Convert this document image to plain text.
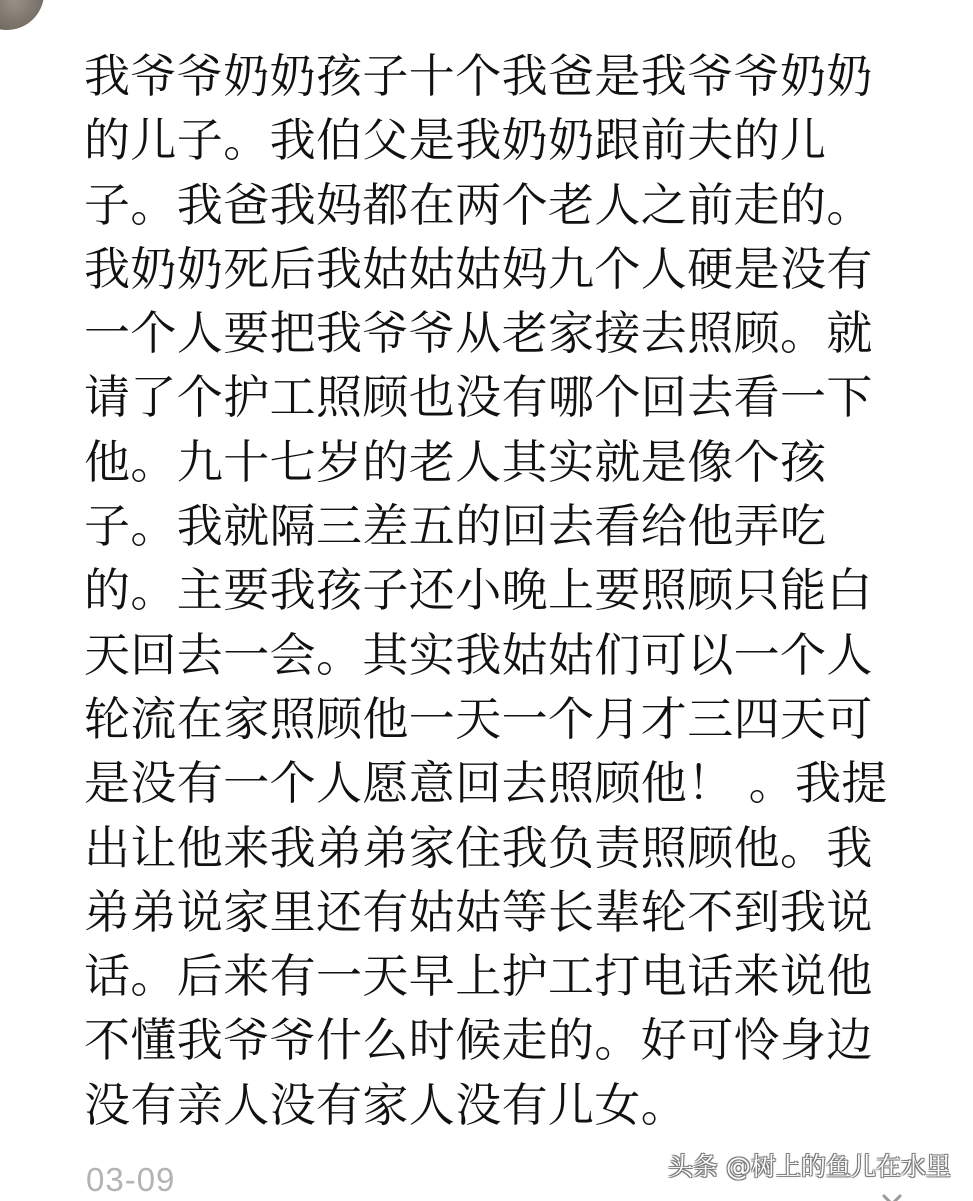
我爷爷奶奶孩子十个我爸是我爷爷奶奶
的儿子。我伯父是我奶奶跟前夫的儿
子。我爸我妈都在两个老人之前走的。
我奶奶死后我姑姑姑妈九个人硬是没有
一个人要把我爷爷从老家接去照顾。就
请了个护工照顾也没有哪个回去看一下
他。九十七岁的老人其实就是像个孩
子。我就隔三差五的回去看给他弄吃
的。主要我孩子还小晚上要照顾只能白
天回去一会。其实我姑姑们可以一个人
轮流在家照顾他一天一个月才三四天可
是没有一个人愿意回去照顾他！ 。我提
出让他来我弟弟家住我负责照顾他。我
弟弟说家里还有姑姑等长辈轮不到我说
话。后来有一天早上护工打电话来说他
不懂我爷爷什么时候走的。好可怜身边
没有亲人没有家人没有儿女。
03-09	头条 @树上的鱼儿在水里
